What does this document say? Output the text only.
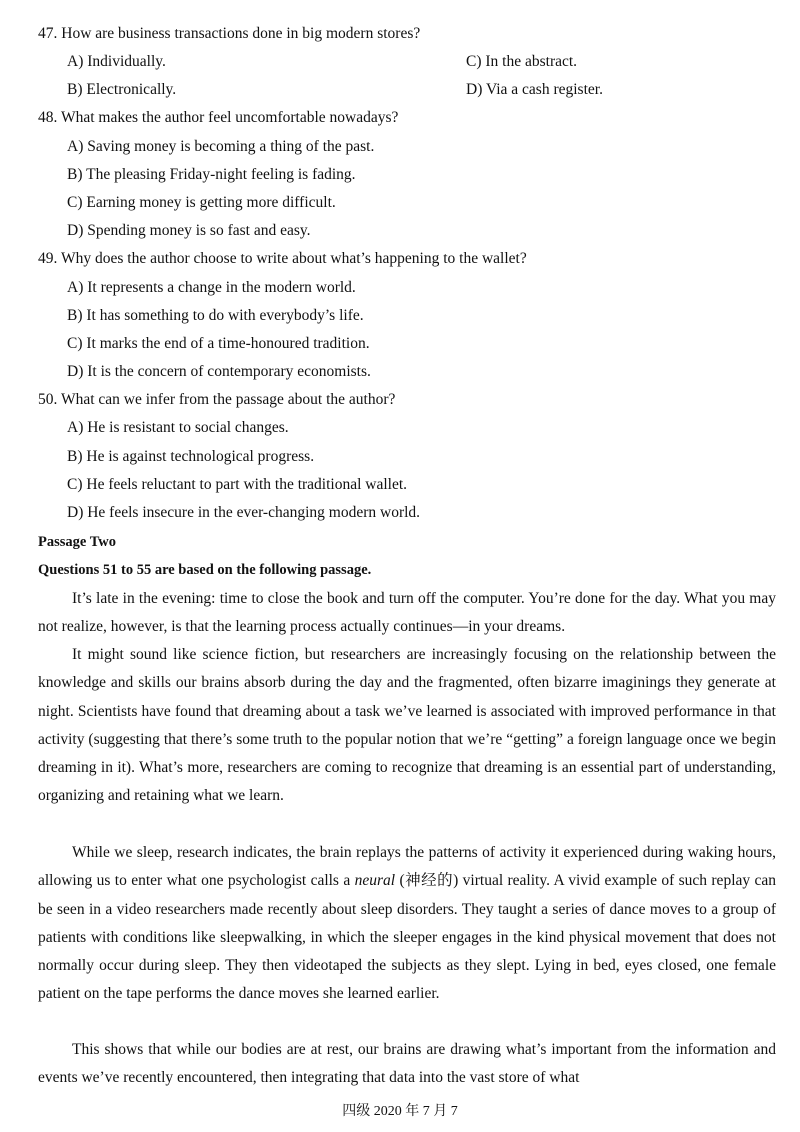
47. How are business transactions done in big modern stores?
A) Individually.	C) In the abstract.
B) Electronically.	D) Via a cash register.
48. What makes the author feel uncomfortable nowadays?
A) Saving money is becoming a thing of the past.
B) The pleasing Friday-night feeling is fading.
C) Earning money is getting more difficult.
D) Spending money is so fast and easy.
49. Why does the author choose to write about what’s happening to the wallet?
A) It represents a change in the modern world.
B) It has something to do with everybody’s life.
C) It marks the end of a time-honoured tradition.
D) It is the concern of contemporary economists.
50. What can we infer from the passage about the author?
A) He is resistant to social changes.
B) He is against technological progress.
C) He feels reluctant to part with the traditional wallet.
D) He feels insecure in the ever-changing modern world.
Passage Two
Questions 51 to 55 are based on the following passage.
It’s late in the evening: time to close the book and turn off the computer. You’re done for the day. What you may not realize, however, is that the learning process actually continues—in your dreams.
It might sound like science fiction, but researchers are increasingly focusing on the relationship between the knowledge and skills our brains absorb during the day and the fragmented, often bizarre imaginings they generate at night. Scientists have found that dreaming about a task we’ve learned is associated with improved performance in that activity (suggesting that there’s some truth to the popular notion that we’re “getting” a foreign language once we begin dreaming in it). What’s more, researchers are coming to recognize that dreaming is an essential part of understanding, organizing and retaining what we learn.
While we sleep, research indicates, the brain replays the patterns of activity it experienced during waking hours, allowing us to enter what one psychologist calls a neural (神经的) virtual reality. A vivid example of such replay can be seen in a video researchers made recently about sleep disorders. They taught a series of dance moves to a group of patients with conditions like sleepwalking, in which the sleeper engages in the kind physical movement that does not normally occur during sleep. They then videotaped the subjects as they slept. Lying in bed, eyes closed, one female patient on the tape performs the dance moves she learned earlier.
This shows that while our bodies are at rest, our brains are drawing what’s important from the information and events we’ve recently encountered, then integrating that data into the vast store of what
四级 2020 年 7 月 7
